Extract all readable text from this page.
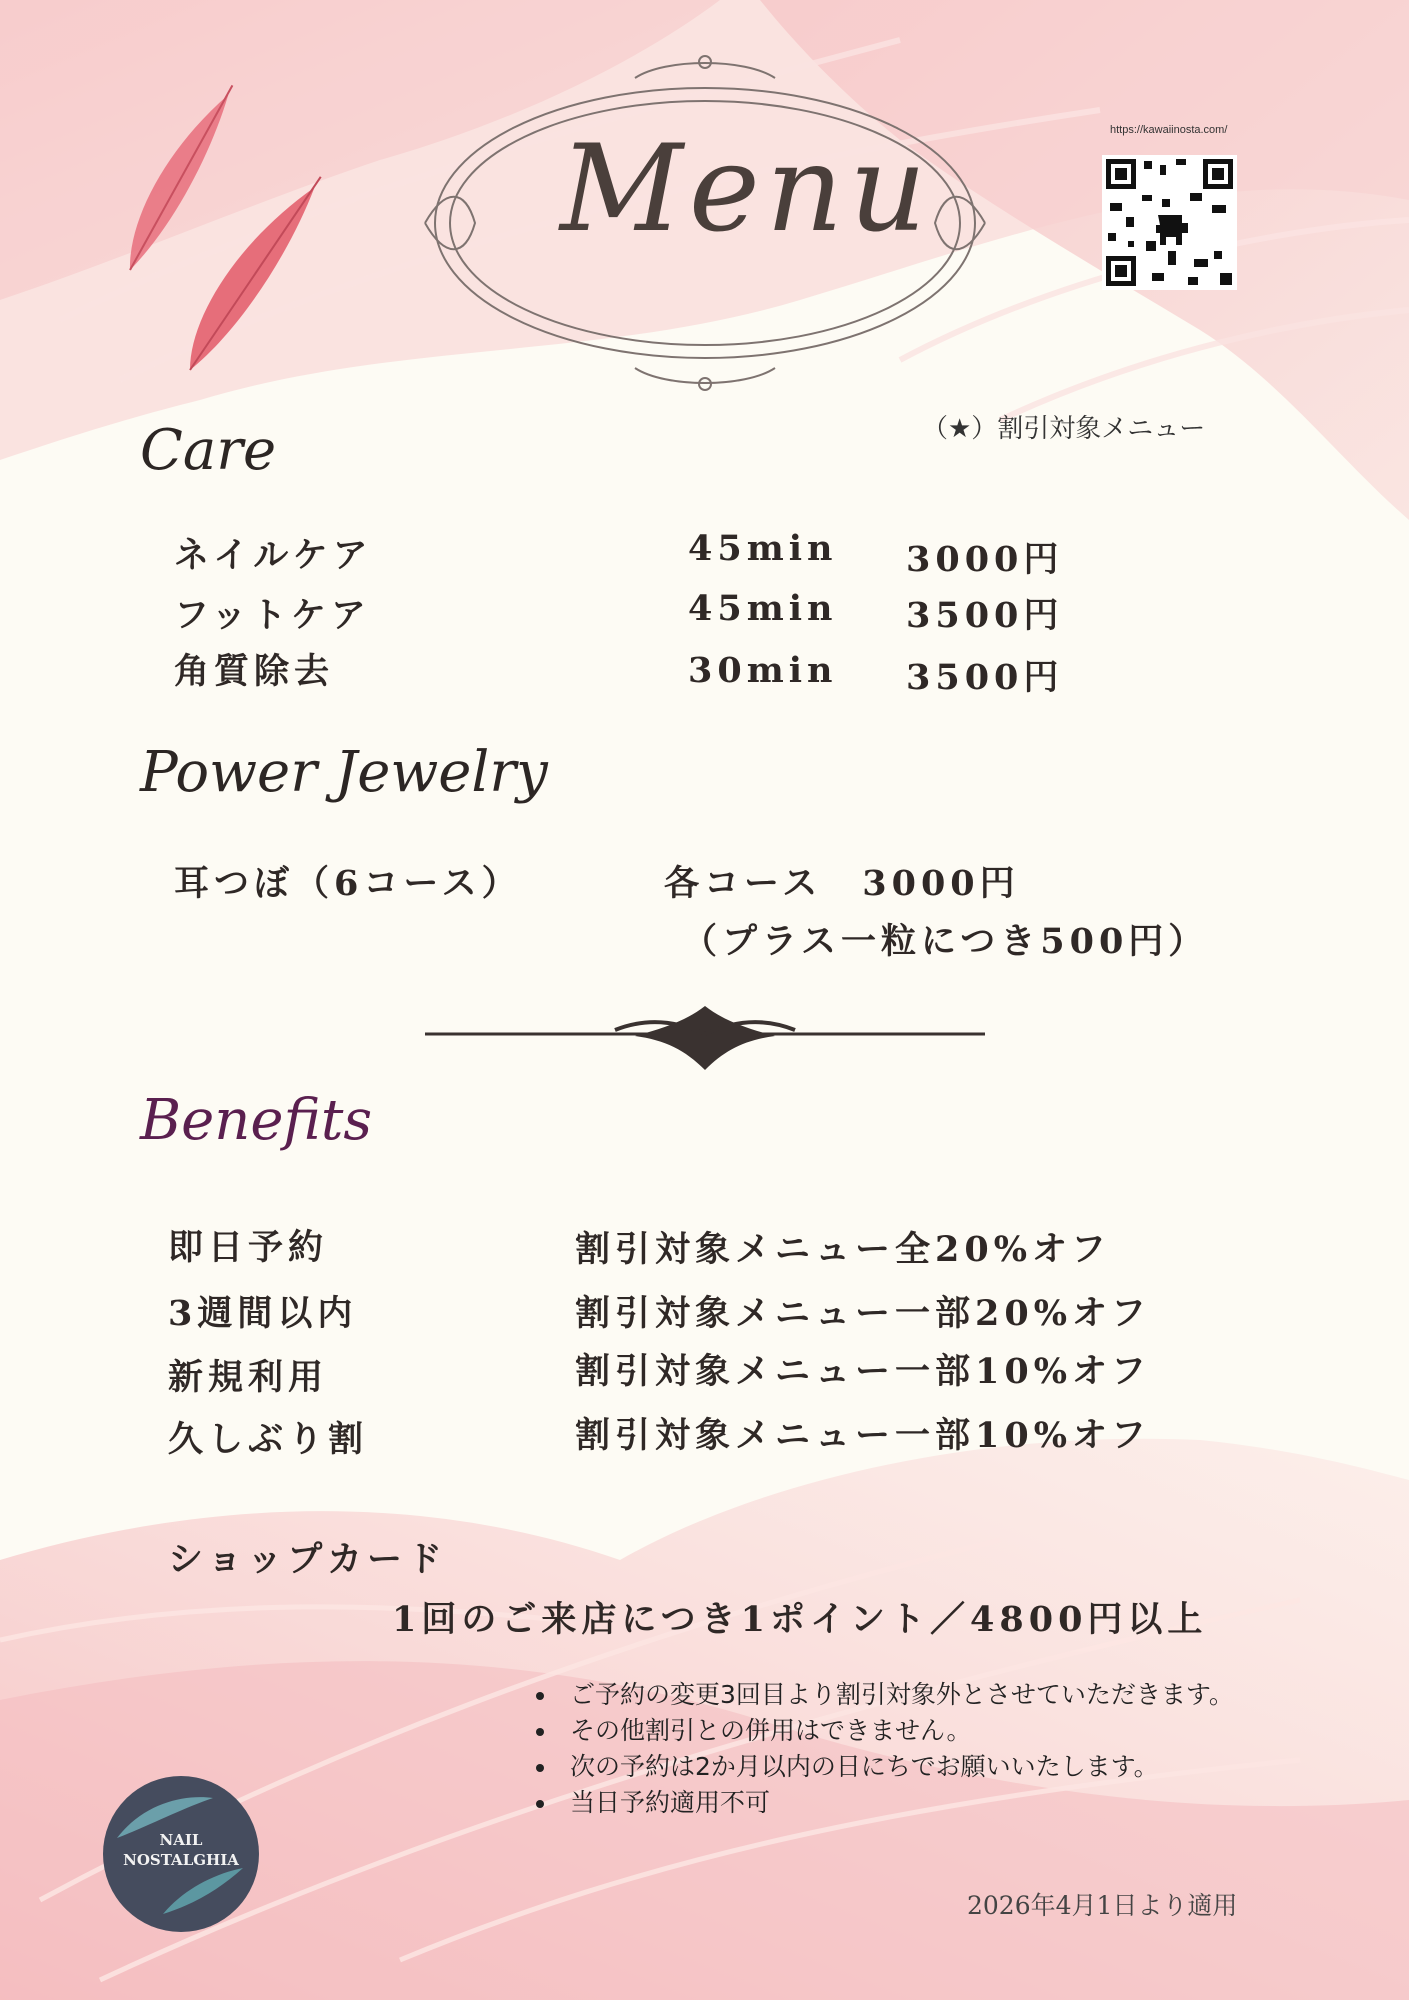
Menu	https://kawaiinosta.com/
（★）割引対象メニュー
Care
ネイルケア	45min 3000円
フットケア	45min 3500円
角質除去	30min 3500円
Power Jewelry
耳つぼ（6コース）	各コース　3000円
（プラス一粒につき500円）
Benefits
即日予約	割引対象メニュー全20%オフ
3週間以内	割引対象メニュー一部20%オフ
新規利用	割引対象メニュー一部10%オフ
久しぶり割	割引対象メニュー一部10%オフ
ショップカード
1回のご来店につき1ポイント／4800円以上
ご予約の変更3回目より割引対象外とさせていただきます。
その他割引との併用はできません。
次の予約は2か月以内の日にちでお願いいたします。
当日予約適用不可
NAIL
NOSTALGHIA
2026年4月1日より適用
